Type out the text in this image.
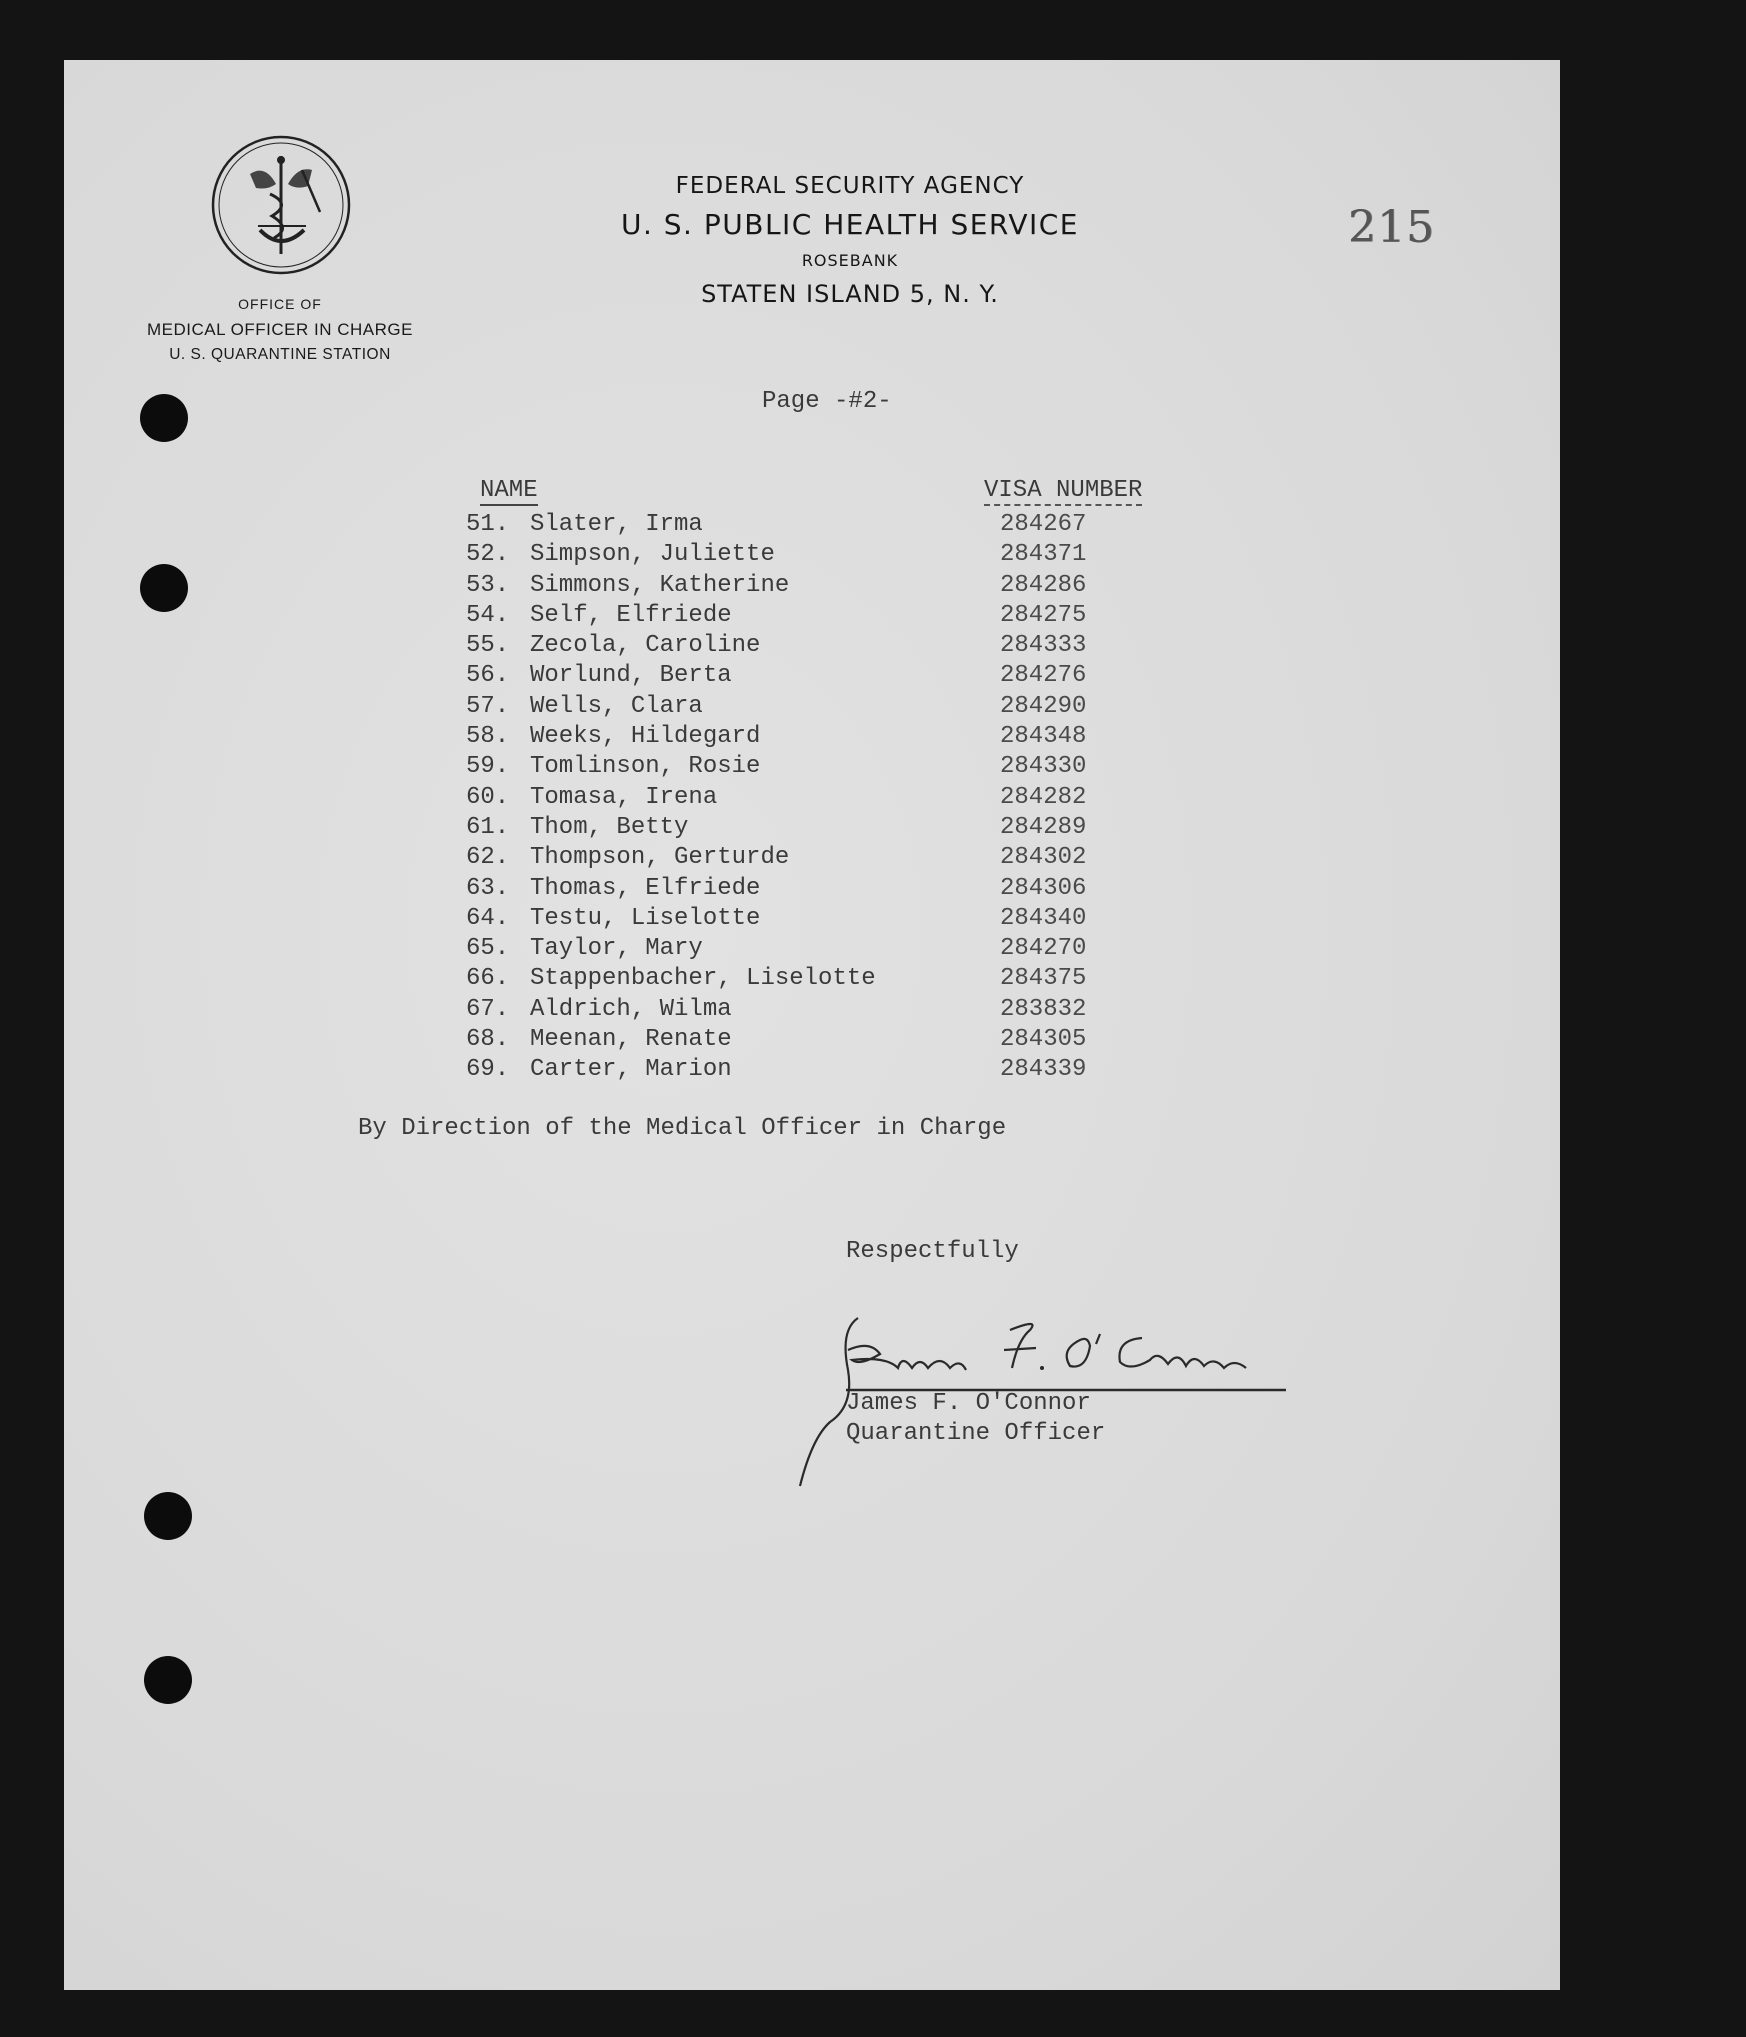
OFFICE OF
MEDICAL OFFICER IN CHARGE
U. S. QUARANTINE STATION
FEDERAL SECURITY AGENCY
U. S. PUBLIC HEALTH SERVICE
ROSEBANK
STATEN ISLAND 5, N. Y.
215
Page -#2-
NAME	VISA NUMBER
51. Slater, Irma	284267
52. Simpson, Juliette	284371
53. Simmons, Katherine	284286
54. Self, Elfriede	284275
55. Zecola, Caroline	284333
56. Worlund, Berta	284276
57. Wells, Clara	284290
58. Weeks, Hildegard	284348
59. Tomlinson, Rosie	284330
60. Tomasa, Irena	284282
61. Thom, Betty	284289
62. Thompson, Gerturde	284302
63. Thomas, Elfriede	284306
64. Testu, Liselotte	284340
65. Taylor, Mary	284270
66. Stappenbacher, Liselotte	284375
67. Aldrich, Wilma	283832
68. Meenan, Renate	284305
69. Carter, Marion	284339
By Direction of the Medical Officer in Charge
Respectfully
James F. O'Connor
Quarantine Officer
